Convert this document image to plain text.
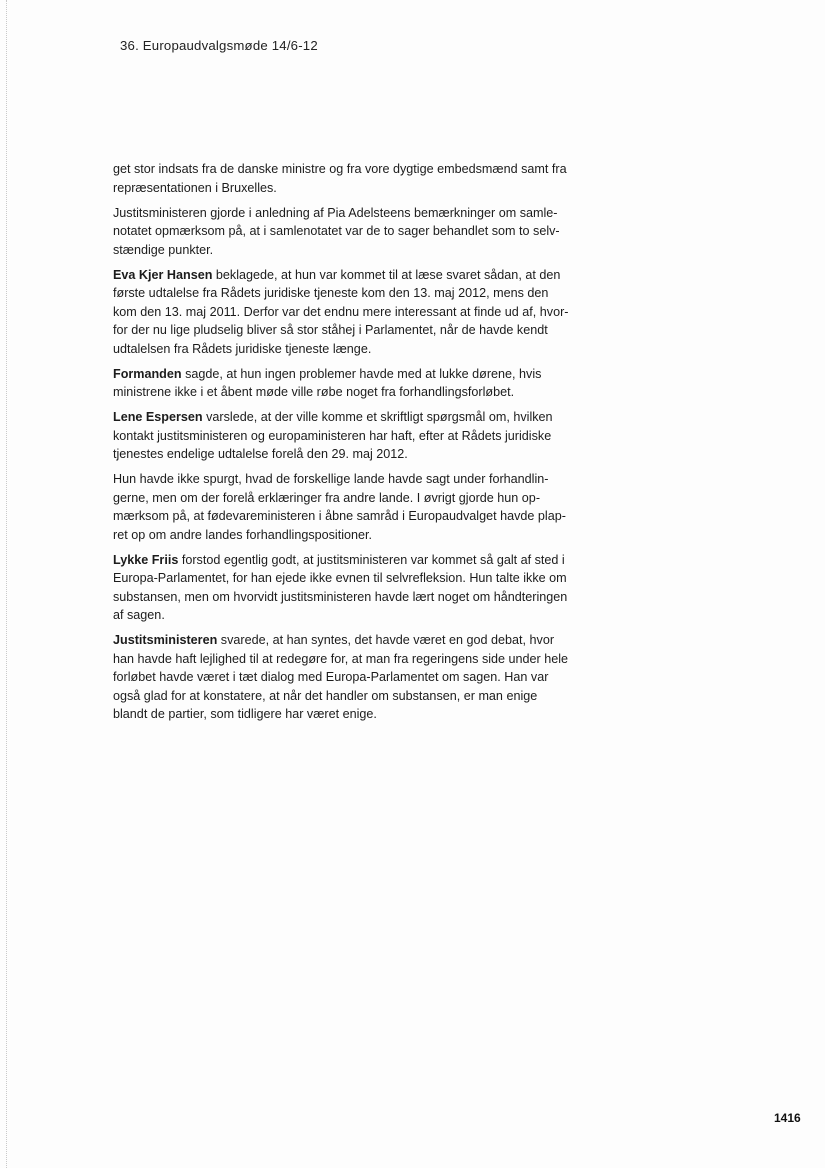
36. Europaudvalgsmøde 14/6-12
get stor indsats fra de danske ministre og fra vore dygtige embedsmænd samt fra
repræsentationen i Bruxelles.
Justitsministeren gjorde i anledning af Pia Adelsteens bemærkninger om samle-
notatet opmærksom på, at i samlenotatet var de to sager behandlet som to selv-
stændige punkter.
Eva Kjer Hansen beklagede, at hun var kommet til at læse svaret sådan, at den
første udtalelse fra Rådets juridiske tjeneste kom den 13. maj 2012, mens den
kom den 13. maj 2011. Derfor var det endnu mere interessant at finde ud af, hvor-
for der nu lige pludselig bliver så stor ståhej i Parlamentet, når de havde kendt
udtalelsen fra Rådets juridiske tjeneste længe.
Formanden sagde, at hun ingen problemer havde med at lukke dørene, hvis
ministrene ikke i et åbent møde ville røbe noget fra forhandlingsforløbet.
Lene Espersen varslede, at der ville komme et skriftligt spørgsmål om, hvilken
kontakt justitsministeren og europaministeren har haft, efter at Rådets juridiske
tjenestes endelige udtalelse forelå den 29. maj 2012.
Hun havde ikke spurgt, hvad de forskellige lande havde sagt under forhandlin-
gerne, men om der forelå erklæringer fra andre lande. I øvrigt gjorde hun op-
mærksom på, at fødevareministeren i åbne samråd i Europaudvalget havde plap-
ret op om andre landes forhandlingspositioner.
Lykke Friis forstod egentlig godt, at justitsministeren var kommet så galt af sted i
Europa-Parlamentet, for han ejede ikke evnen til selvrefleksion. Hun talte ikke om
substansen, men om hvorvidt justitsministeren havde lært noget om håndteringen
af sagen.
Justitsministeren svarede, at han syntes, det havde været en god debat, hvor
han havde haft lejlighed til at redegøre for, at man fra regeringens side under hele
forløbet havde været i tæt dialog med Europa-Parlamentet om sagen. Han var
også glad for at konstatere, at når det handler om substansen, er man enige
blandt de partier, som tidligere har været enige.
1416
